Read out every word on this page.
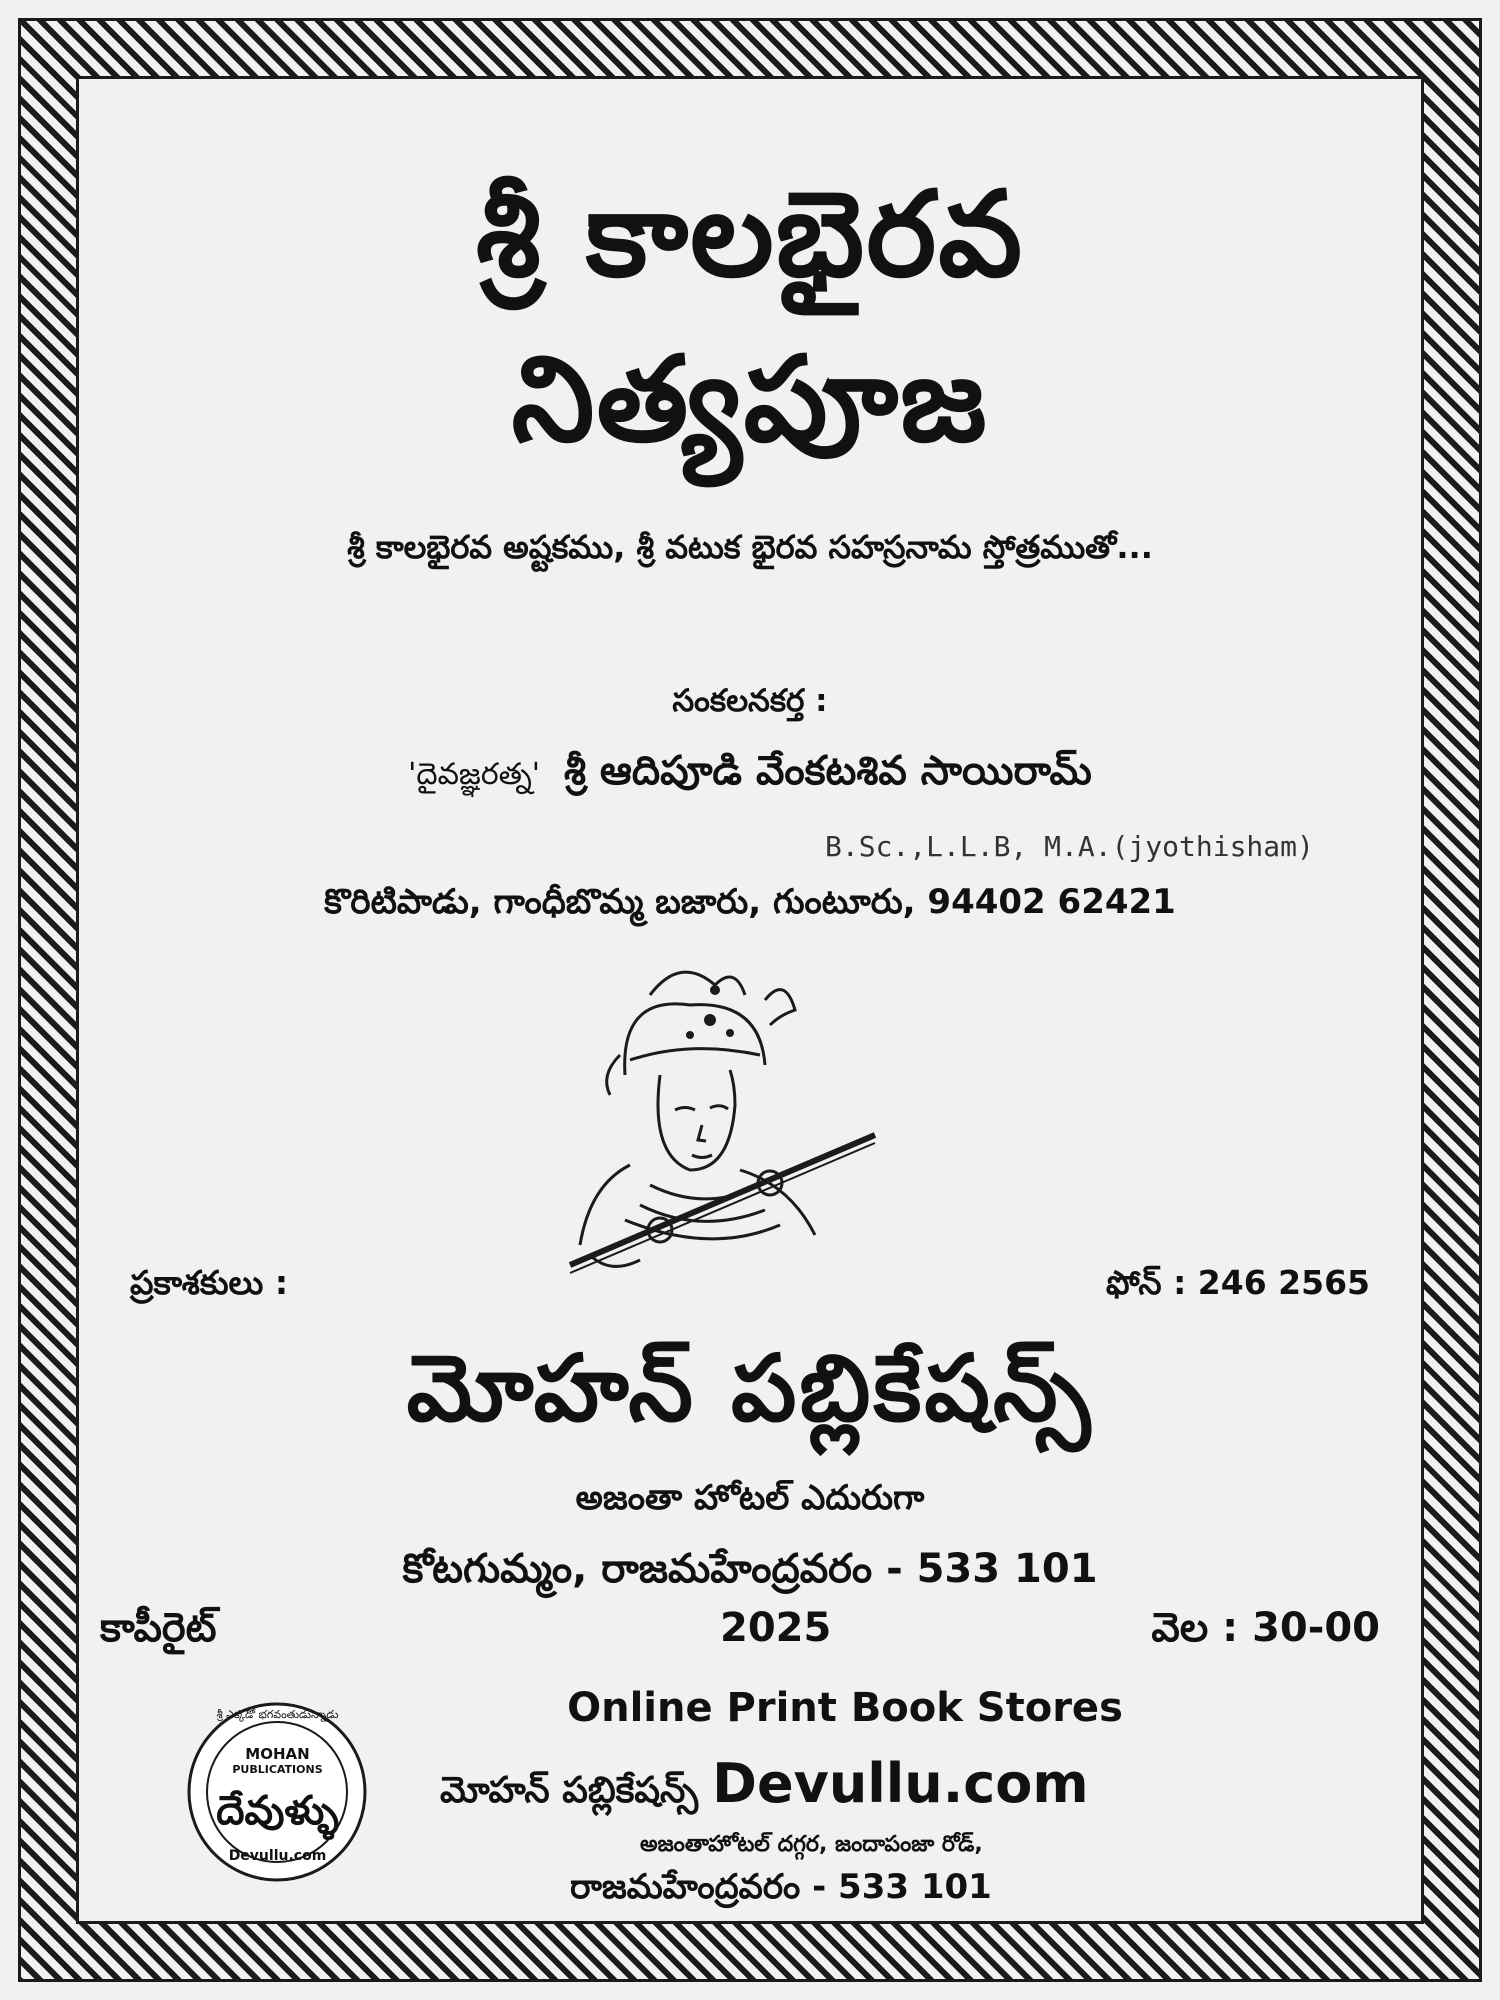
శ్రీ కాలభైరవ
నిత్యపూజ
శ్రీ కాలభైరవ అష్టకము, శ్రీ వటుక భైరవ సహస్రనామ స్తోత్రముతో...
సంకలనకర్త :
'దైవజ్ఞరత్న' శ్రీ ఆదిపూడి వేంకటశివ సాయిరామ్
B.Sc.,L.L.B, M.A.(jyothisham)
కొరిటిపాడు, గాంధీబొమ్మ బజారు, గుంటూరు, 94402 62421
ప్రకాశకులు :	ఫోన్ : 246 2565
మోహన్ పబ్లికేషన్స్
అజంతా హోటల్ ఎదురుగా
కోటగుమ్మం, రాజమహేంద్రవరం - 533 101
కాపీరైట్	2025	వెల : 30-00
Online Print Book Stores
మోహన్ పబ్లికేషన్స్ Devullu.com
అజంతాహోటల్ దగ్గర, జందాపంజా రోడ్,
రాజమహేంద్రవరం - 533 101
శ్రీ ఎక్కడో భగవంతుడున్నాడు
MOHAN
PUBLICATIONS
దేవుళ్ళు
Devullu.com
